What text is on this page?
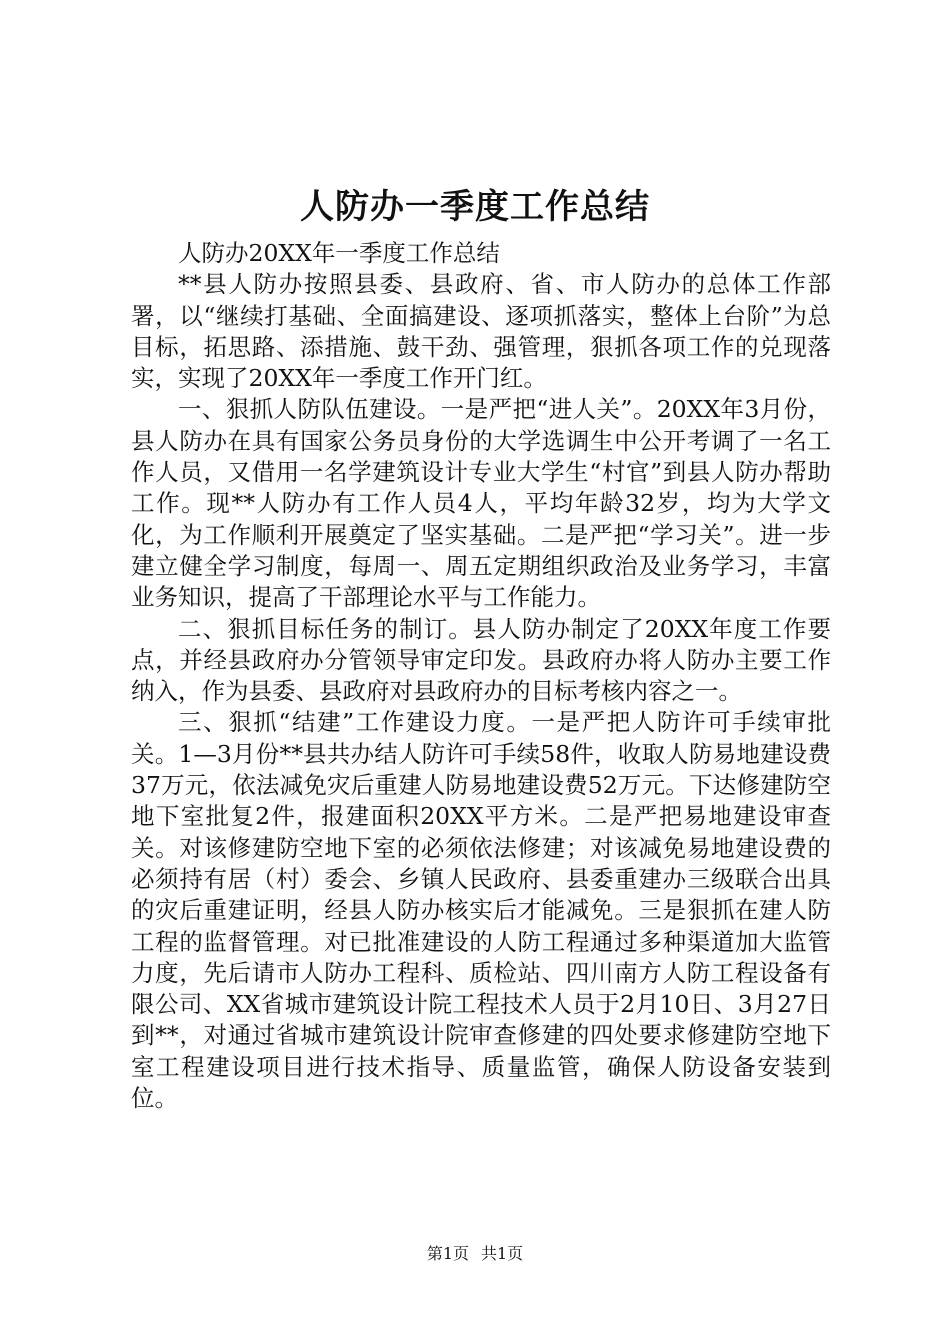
人防办一季度工作总结

人防办20XX年一季度工作总结

**县人防办按照县委、县政府、省、市人防办的总体工作部署，以“继续打基础、全面搞建设、逐项抓落实，整体上台阶”为总目标，拓思路、添措施、鼓干劲、强管理，狠抓各项工作的兑现落实，实现了20XX年一季度工作开门红。

一、狠抓人防队伍建设。一是严把“进人关”。20XX年3月份，县人防办在具有国家公务员身份的大学选调生中公开考调了一名工作人员，又借用一名学建筑设计专业大学生“村官”到县人防办帮助工作。现**人防办有工作人员4人，平均年龄32岁，均为大学文化，为工作顺利开展奠定了坚实基础。二是严把“学习关”。进一步建立健全学习制度，每周一、周五定期组织政治及业务学习，丰富业务知识，提高了干部理论水平与工作能力。

二、狠抓目标任务的制订。县人防办制定了20XX年度工作要点，并经县政府办分管领导审定印发。县政府办将人防办主要工作纳入，作为县委、县政府对县政府办的目标考核内容之一。

三、狠抓“结建”工作建设力度。一是严把人防许可手续审批关。1—3月份**县共办结人防许可手续58件，收取人防易地建设费37万元，依法减免灾后重建人防易地建设费52万元。下达修建防空地下室批复2件，报建面积20XX平方米。二是严把易地建设审查关。对该修建防空地下室的必须依法修建；对该减免易地建设费的必须持有居（村）委会、乡镇人民政府、县委重建办三级联合出具的灾后重建证明，经县人防办核实后才能减免。三是狠抓在建人防工程的监督管理。对已批准建设的人防工程通过多种渠道加大监管力度，先后请市人防办工程科、质检站、四川南方人防工程设备有限公司、XX省城市建筑设计院工程技术人员于2月10日、3月27日到**，对通过省城市建筑设计院审查修建的四处要求修建防空地下室工程建设项目进行技术指导、质量监管，确保人防设备安装到位。

第1页 共1页
